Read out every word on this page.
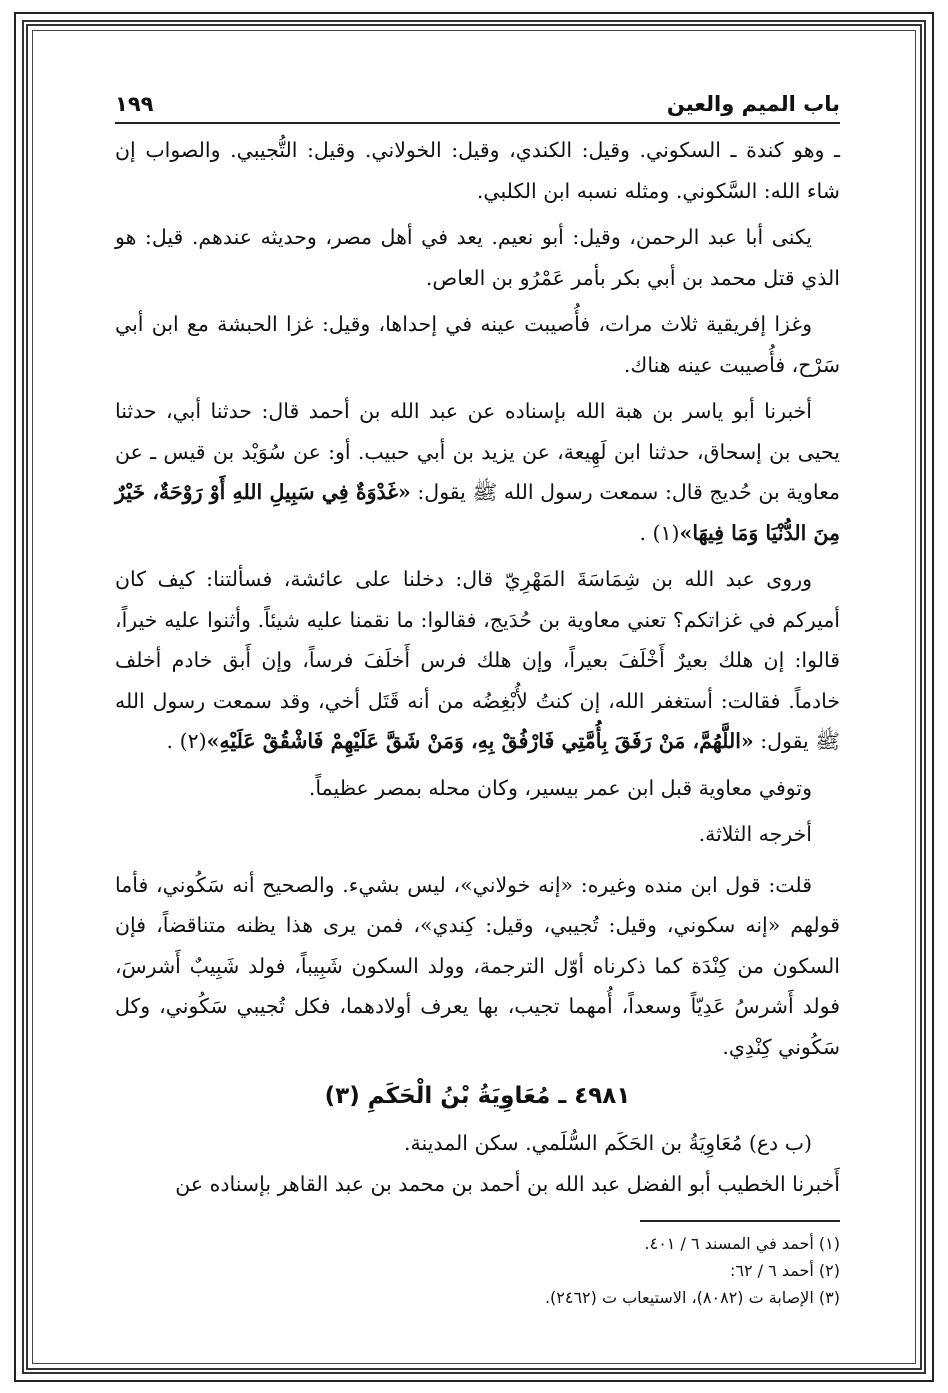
باب الميم والعين
١٩٩

ـ وهو كندة ـ السكوني. وقيل: الكندي، وقيل: الخولاني. وقيل: التُّجيبي. والصواب إن شاء الله: السَّكوني. ومثله نسبه ابن الكلبي.

يكنى أبا عبد الرحمن، وقيل: أبو نعيم. يعد في أهل مصر، وحديثه عندهم. قيل: هو الذي قتل محمد بن أبي بكر بأمر عَمْرُو بن العاص.

وغزا إفريقية ثلاث مرات، فأُصيبت عينه في إحداها، وقيل: غزا الحبشة مع ابن أبي سَرْح، فأُصيبت عينه هناك.

أخبرنا أبو ياسر بن هبة الله بإسناده عن عبد الله بن أحمد قال: حدثنا أبي، حدثنا يحيى بن إسحاق، حدثنا ابن لَهِيعة، عن يزيد بن أبي حبيب. أو: عن سُوَيْد بن قيس ـ عن معاوية بن حُديج قال: سمعت رسول الله ﷺ يقول: «غَدْوَةٌ فِي سَبِيلِ اللهِ أَوْ رَوْحَةٌ، خَيْرٌ مِنَ الدُّنْيَا وَمَا فِيهَا»(١) .

وروى عبد الله بن شِمَاسَةَ المَهْرِيّ قال: دخلنا على عائشة، فسألتنا: كيف كان أميركم في غزاتكم؟ تعني معاوية بن حُدَيج، فقالوا: ما نقمنا عليه شيئاً. وأثنوا عليه خيراً، قالوا: إن هلك بعيرٌ أَخْلَفَ بعيراً، وإن هلك فرس أَخلَفَ فرساً، وإن أَبق خادم أخلف خادماً. فقالت: أستغفر الله، إن كنتُ لأُبْغِضُه من أنه قَتَل أخي، وقد سمعت رسول الله ﷺ يقول: «اللَّهُمَّ، مَنْ رَفَقَ بِأُمَّتِي فَارْفُقْ بِهِ، وَمَنْ شَقَّ عَلَيْهِمْ فَاشْقُقْ عَلَيْهِ»(٢) .

وتوفي معاوية قبل ابن عمر بيسير، وكان محله بمصر عظيماً.

أخرجه الثلاثة.

قلت: قول ابن منده وغيره: «إنه خولاني»، ليس بشيء. والصحيح أنه سَكُوني، فأما قولهم «إنه سكوني، وقيل: تُجيبي، وقيل: كِندي»، فمن يرى هذا يظنه متناقضاً، فإن السكون من كِنْدَة كما ذكرناه أوّل الترجمة، وولد السكون شَبِيباً، فولد شَبِيبٌ أَشرسَ، فولد أَشرسُ عَدِيّاً وسعداً، أُمهما تجيب، بها يعرف أولادهما، فكل تُجيبي سَكُوني، وكل سَكُوني كِنْدِي.

٤٩٨١ ـ مُعَاوِيَةُ بْنُ الْحَكَمِ (٣)

(ب دع) مُعَاوِيَةُ بن الحَكَم السُّلَمي. سكن المدينة.

أَخبرنا الخطيب أبو الفضل عبد الله بن أحمد بن محمد بن عبد القاهر بإسناده عن

(١) أحمد في المسند ٦ / ٤٠١.
(٢) أحمد ٦ / ٦٢:
(٣) الإصابة ت (٨٠٨٢)، الاستيعاب ت (٢٤٦٢).
